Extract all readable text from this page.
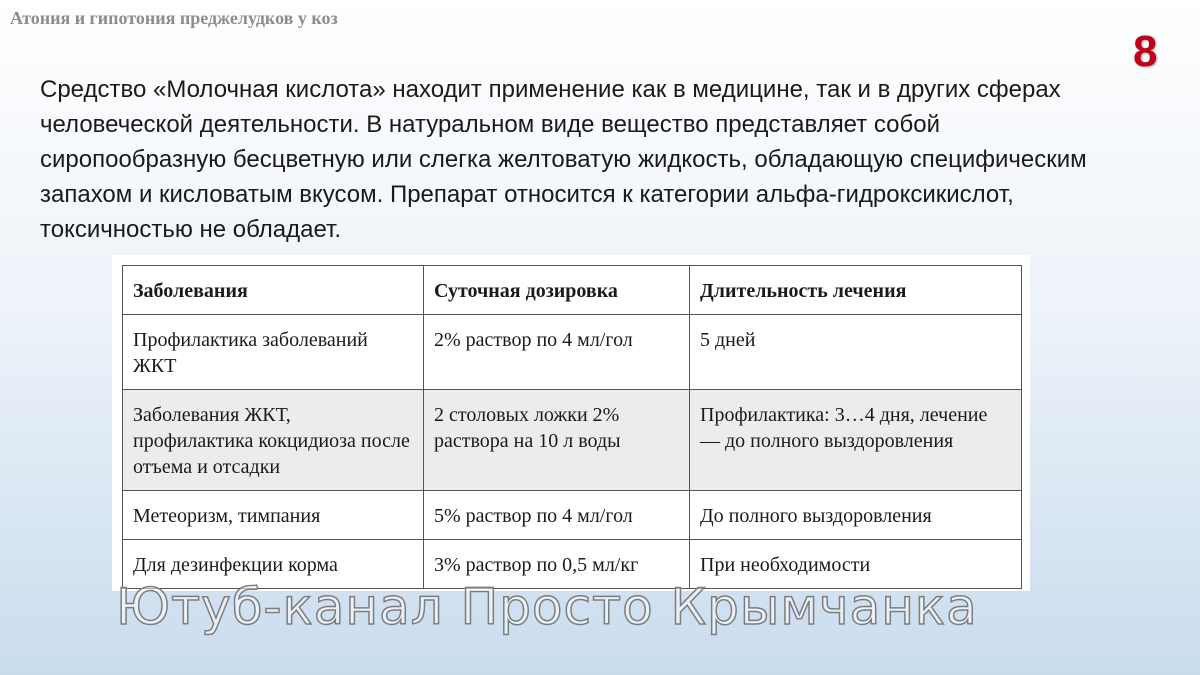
Атония и гипотония преджелудков у коз
8

Средство «Молочная кислота» находит применение как в медицине, так и в других сферах человеческой деятельности. В натуральном виде вещество представляет собой сиропообразную бесцветную или слегка желтоватую жидкость, обладающую специфическим запахом и кисловатым вкусом. Препарат относится к категории альфа-гидроксикислот, токсичностью не обладает.

Заболевания	Суточная дозировка	Длительность лечения
Профилактика заболеваний ЖКТ	2% раствор по 4 мл/гол	5 дней
Заболевания ЖКТ, профилактика кокцидиоза после отъема и отсадки	2 столовых ложки 2% раствора на 10 л воды	Профилактика: 3…4 дня, лечение — до полного выздоровления
Метеоризм, тимпания	5% раствор по 4 мл/гол	До полного выздоровления
Для дезинфекции корма	3% раствор по 0,5 мл/кг	При необходимости
Ютуб-канал Просто Крымчанка
